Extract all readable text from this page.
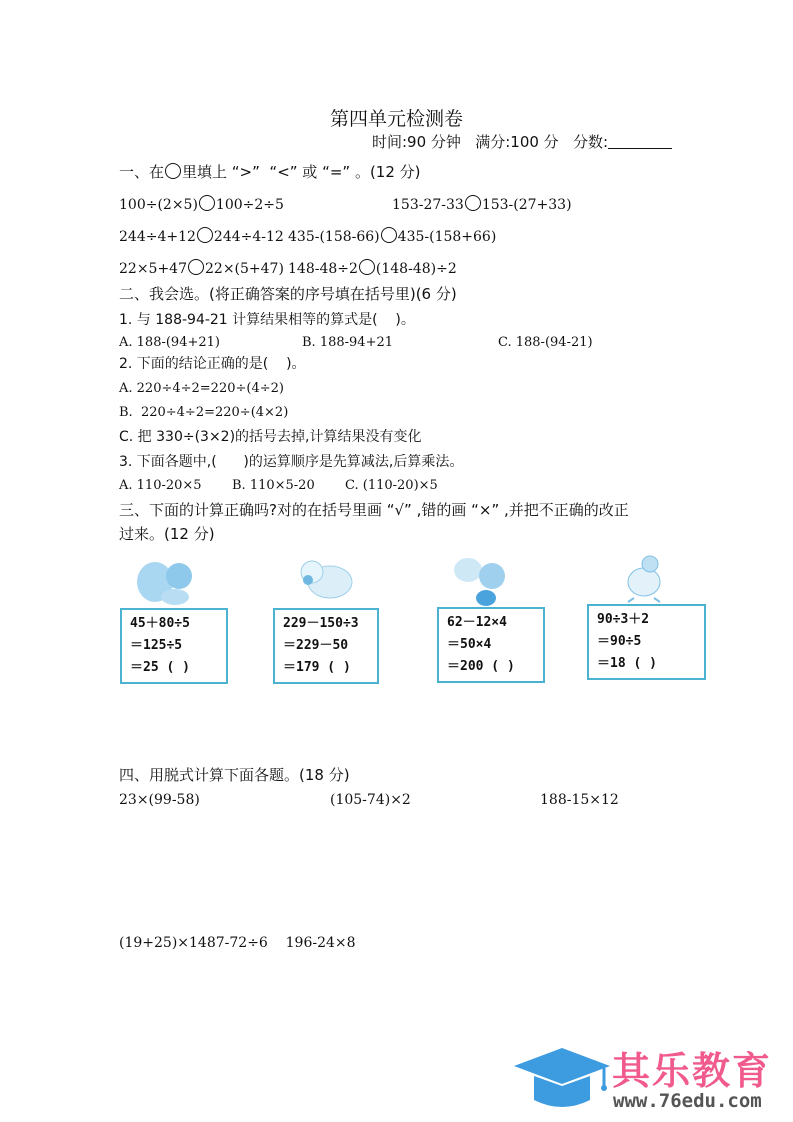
第四单元检测卷
时间:90 分钟 满分:100 分 分数:
一、在 里填上 “>”  “<” 或 “=” 。(12 分)
100÷(2×5) 100÷2÷5	153-27-33 153-(27+33)
244÷4+12 244÷4-12 435-(158-66) 435-(158+66)
22×5+47 22×(5+47) 148-48÷2 (148-48)÷2
二、我会选。(将正确答案的序号填在括号里)(6 分)
1. 与 188-94-21 计算结果相等的算式是(    )。
A. 188-(94+21)	B. 188-94+21	C. 188-(94-21)
2. 下面的结论正确的是(    )。
A. 220÷4÷2=220÷(4÷2)
B.  220÷4÷2=220÷(4×2)
C. 把 330÷(3×2)的括号去掉,计算结果没有变化
3. 下面各题中,(      )的运算顺序是先算减法,后算乘法。
A. 110-20×5 B. 110×5-20 C. (110-20)×5
三、下面的计算正确吗?对的在括号里画 “√” ,错的画 “×” ,并把不正确的改正
过来。(12 分)
45＋80÷5
＝125÷5
＝25 ( )
229－150÷3
＝229－50
＝179 ( )
62－12×4
＝50×4
＝200 ( )
90÷3＋2
＝90÷5
＝18 ( )
四、用脱式计算下面各题。(18 分)
23×(99-58)	(105-74)×2	188-15×12
(19+25)×1487-72÷6    196-24×8
其乐教育
www.76edu.com
